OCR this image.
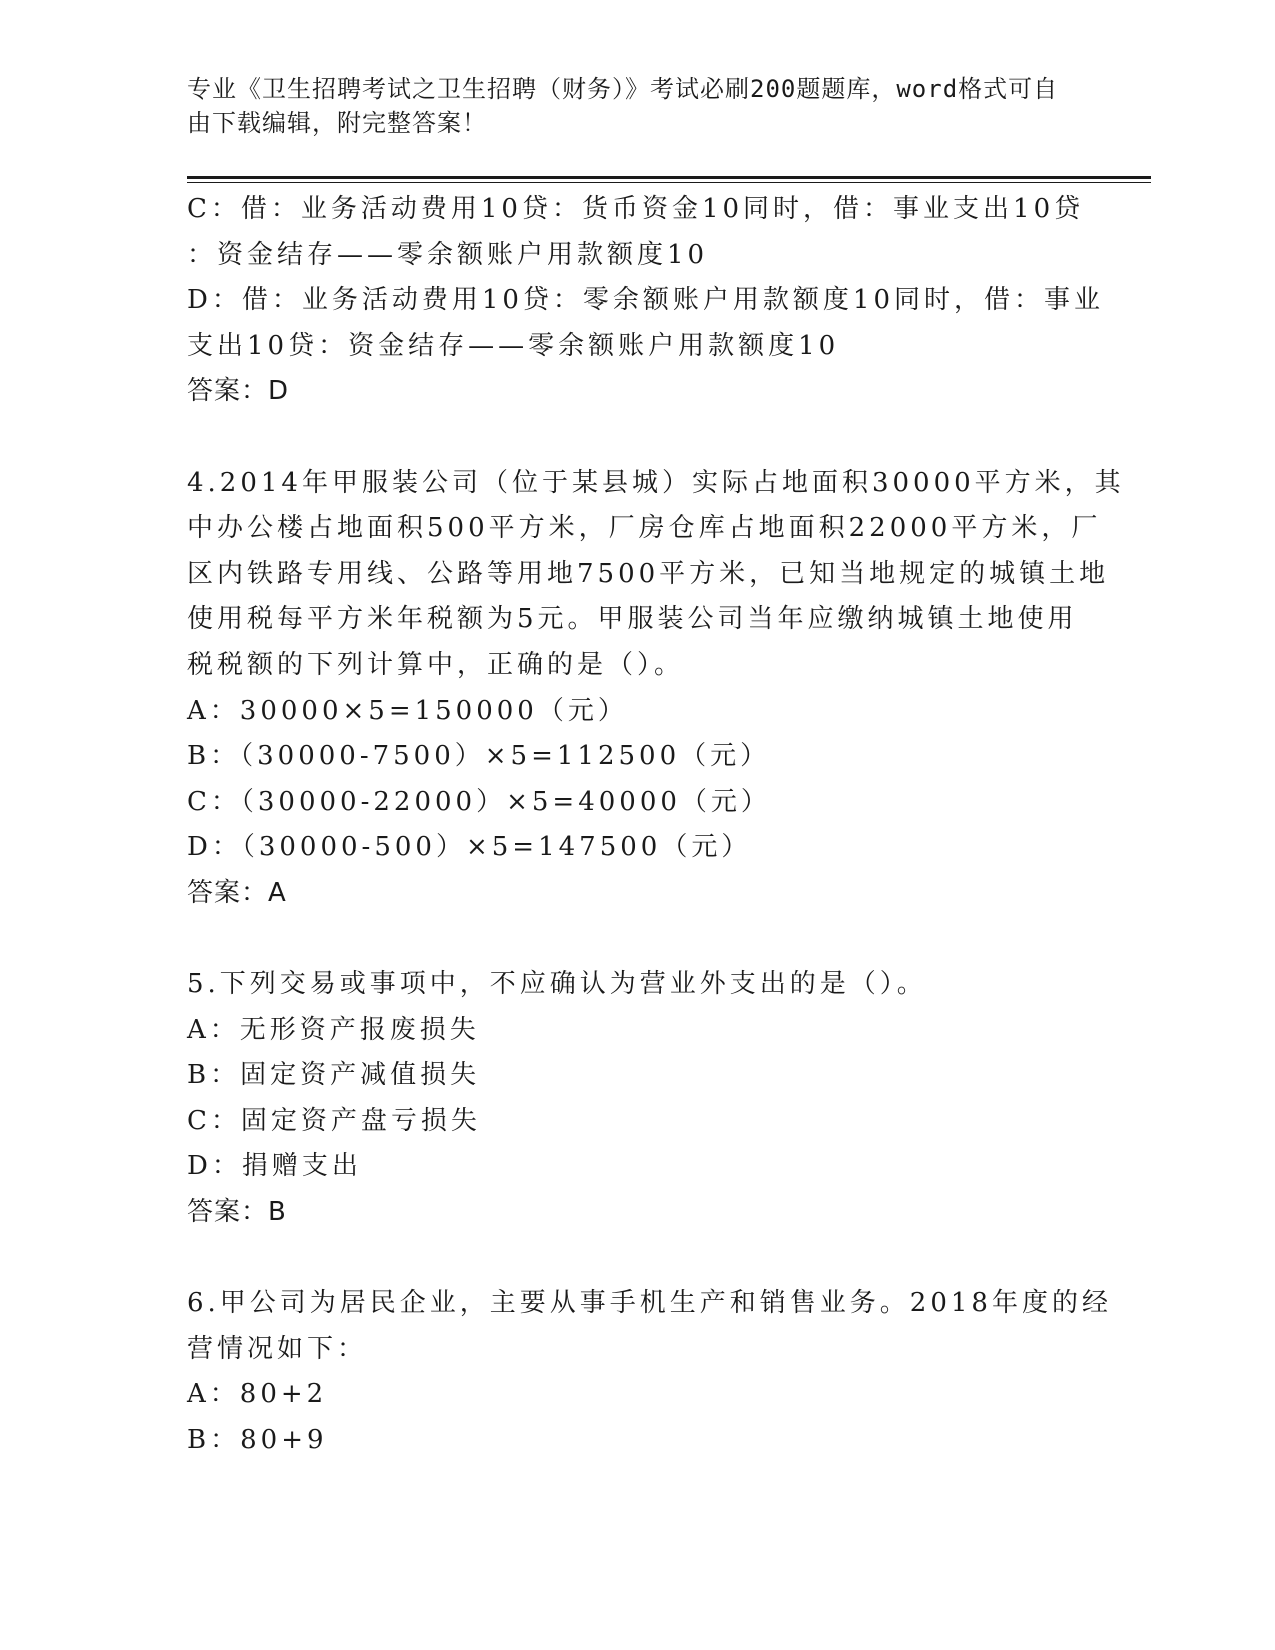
专业《卫生招聘考试之卫生招聘（财务）》考试必刷200题题库，word格式可自
由下载编辑，附完整答案！
C：借：业务活动费用10贷：货币资金10同时，借：事业支出10贷
：资金结存——零余额账户用款额度10
D：借：业务活动费用10贷：零余额账户用款额度10同时，借：事业
支出10贷：资金结存——零余额账户用款额度10
答案：D
4.2014年甲服装公司（位于某县城）实际占地面积30000平方米，其
中办公楼占地面积500平方米，厂房仓库占地面积22000平方米，厂
区内铁路专用线、公路等用地7500平方米，已知当地规定的城镇土地
使用税每平方米年税额为5元。甲服装公司当年应缴纳城镇土地使用
税税额的下列计算中，正确的是（）。
A：30000×5=150000（元）
B：（30000-7500）×5=112500（元）
C：（30000-22000）×5=40000（元）
D：（30000-500）×5=147500（元）
答案：A
5.下列交易或事项中，不应确认为营业外支出的是（）。
A：无形资产报废损失
B：固定资产减值损失
C：固定资产盘亏损失
D：捐赠支出
答案：B
6.甲公司为居民企业，主要从事手机生产和销售业务。2018年度的经
营情况如下：
A：80+2
B：80+9
